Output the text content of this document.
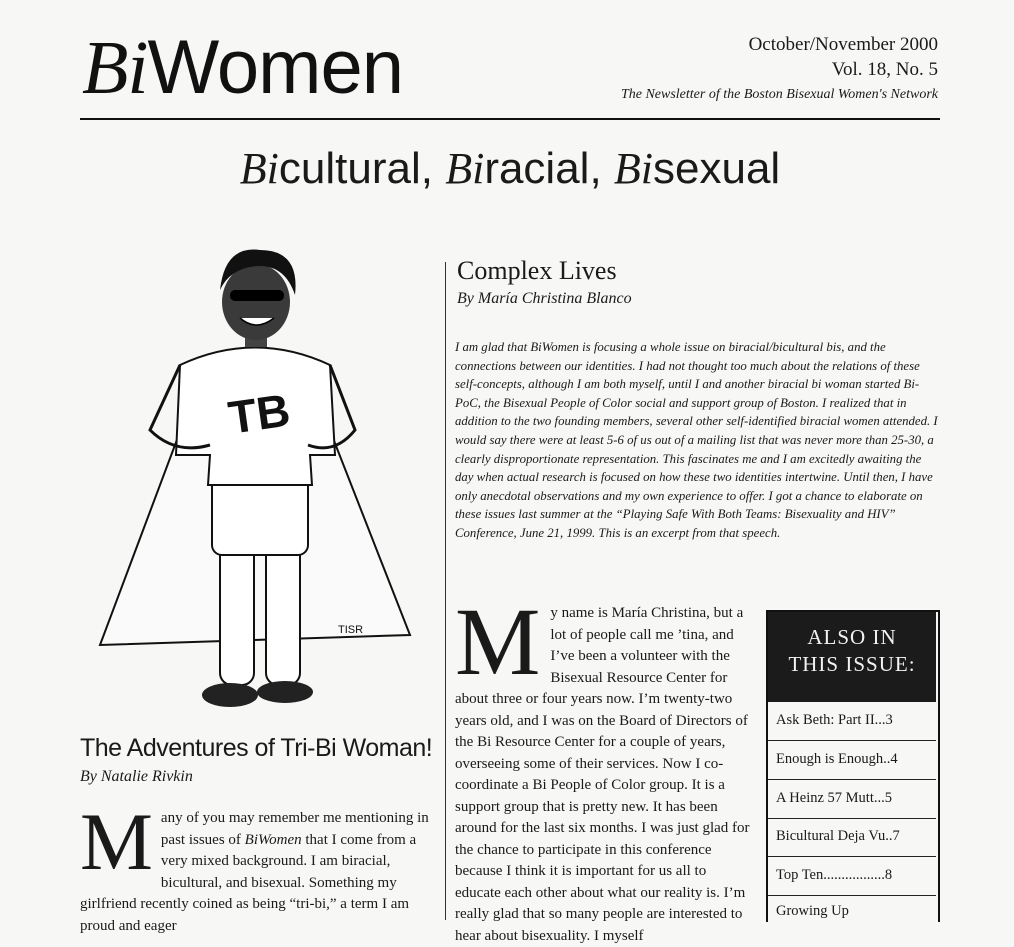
BiWomen	October/November 2000
Vol. 18, No. 5
The Newsletter of the Boston Bisexual Women's Network
Bicultural, Biracial, Bisexual
TB
TISR
The Adventures of Tri-Bi Woman!
By Natalie Rivkin
Many of you may remember me mentioning in past issues of BiWomen that I come from a very mixed background. I am biracial, bicultural, and bisexual. Something my girlfriend recently coined as being “tri-bi,” a term I am proud and eager
Complex Lives
By María Christina Blanco
I am glad that BiWomen is focusing a whole issue on biracial/bicultural bis, and the connections between our identities. I had not thought too much about the relations of these self-concepts, although I am both myself, until I and another biracial bi woman started Bi-PoC, the Bisexual People of Color social and support group of Boston. I realized that in addition to the two founding members, several other self-identified biracial women attended. I would say there were at least 5-6 of us out of a mailing list that was never more than 25-30, a clearly disproportionate representation. This fascinates me and I am excitedly awaiting the day when actual research is focused on how these two identities intertwine. Until then, I have only anecdotal observations and my own experience to offer. I got a chance to elaborate on these issues last summer at the “Playing Safe With Both Teams: Bisexuality and HIV” Conference, June 21, 1999. This is an excerpt from that speech.
My name is María Christina, but a lot of people call me ’tina, and I’ve been a volunteer with the Bisexual Resource Center for about three or four years now. I’m twenty-two years old, and I was on the Board of Directors of the Bi Resource Center for a couple of years, overseeing some of their services. Now I co-coordinate a Bi People of Color group. It is a support group that is pretty new. It has been around for the last six months. I was just glad for the chance to participate in this conference because I think it is important for us all to educate each other about what our reality is. I’m really glad that so many people are interested to hear about bisexuality. I myself
ALSO IN
THIS ISSUE:
Ask Beth: Part II...3
Enough is Enough..4
A Heinz 57 Mutt...5
Bicultural Deja Vu..7
Top Ten.................8
Growing Up
